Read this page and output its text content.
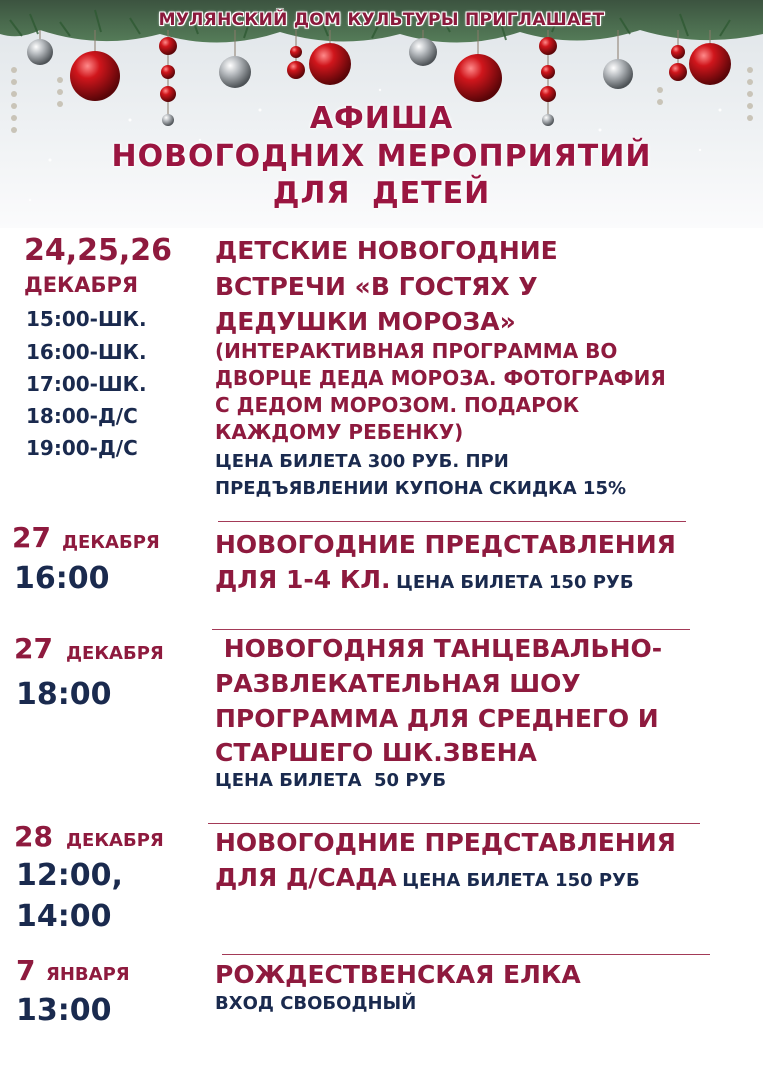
МУЛЯНСКИЙ ДОМ КУЛЬТУРЫ ПРИГЛАШАЕТ
АФИША
НОВОГОДНИХ МЕРОПРИЯТИЙ
ДЛЯ ДЕТЕЙ
24,25,26
ДЕКАБРЯ
15:00-ШК.
16:00-ШК.
17:00-ШК.
18:00-Д/С
19:00-Д/С
ДЕТСКИЕ НОВОГОДНИЕ
ВСТРЕЧИ «В ГОСТЯХ У
ДЕДУШКИ МОРОЗА»
(ИНТЕРАКТИВНАЯ ПРОГРАММА ВО
ДВОРЦЕ ДЕДА МОРОЗА. ФОТОГРАФИЯ
С ДЕДОМ МОРОЗОМ. ПОДАРОК
КАЖДОМУ РЕБЕНКУ)
ЦЕНА БИЛЕТА 300 РУБ. ПРИ
ПРЕДЪЯВЛЕНИИ КУПОНА СКИДКА 15%
27 ДЕКАБРЯ
16:00
НОВОГОДНИЕ ПРЕДСТАВЛЕНИЯ
ДЛЯ 1-4 КЛ. ЦЕНА БИЛЕТА 150 РУБ
27 ДЕКАБРЯ
18:00
НОВОГОДНЯЯ ТАНЦЕВАЛЬНО-
РАЗВЛЕКАТЕЛЬНАЯ ШОУ
ПРОГРАММА ДЛЯ СРЕДНЕГО И
СТАРШЕГО ШК.ЗВЕНА
ЦЕНА БИЛЕТА  50 РУБ
28 ДЕКАБРЯ
12:00,
14:00
НОВОГОДНИЕ ПРЕДСТАВЛЕНИЯ
ДЛЯ Д/САДА ЦЕНА БИЛЕТА 150 РУБ
7 ЯНВАРЯ
13:00
РОЖДЕСТВЕНСКАЯ ЕЛКА
ВХОД СВОБОДНЫЙ
